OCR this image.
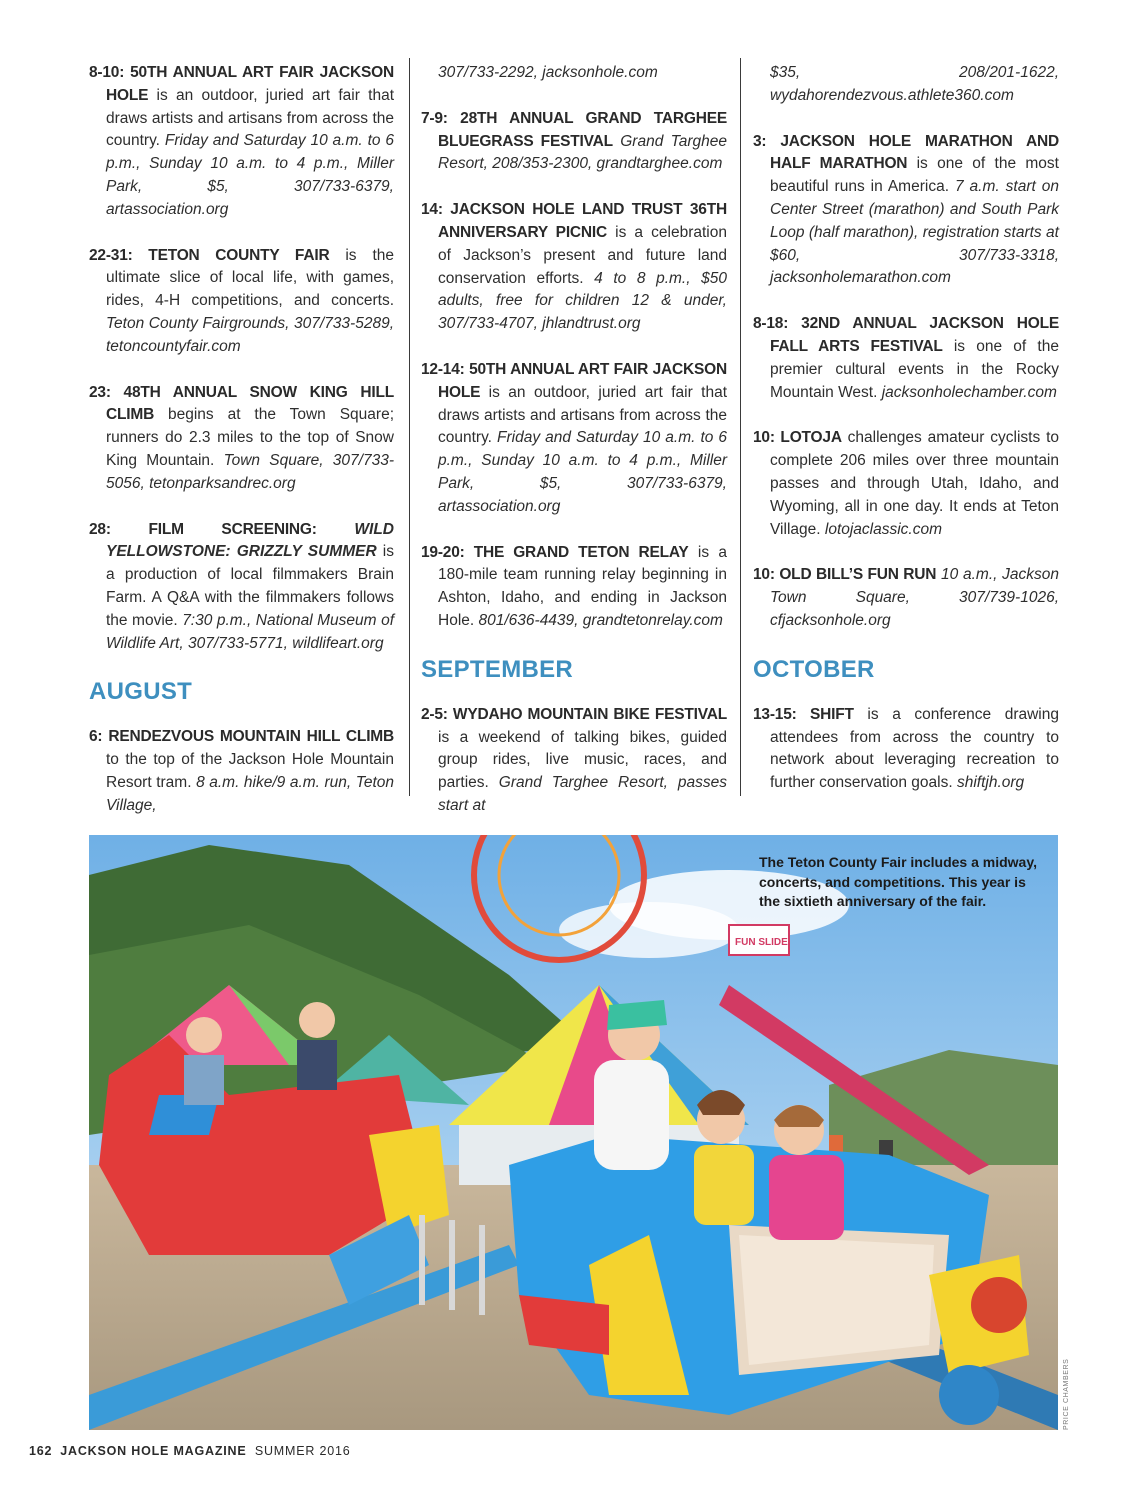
8-10: 50TH ANNUAL ART FAIR JACKSON HOLE is an outdoor, juried art fair that draws artists and artisans from across the country. Friday and Saturday 10 a.m. to 6 p.m., Sunday 10 a.m. to 4 p.m., Miller Park, $5, 307/733-6379, artassociation.org

22-31: TETON COUNTY FAIR is the ultimate slice of local life, with games, rides, 4-H competitions, and concerts. Teton County Fairgrounds, 307/733-5289, tetoncountyfair.com

23: 48TH ANNUAL SNOW KING HILL CLIMB begins at the Town Square; runners do 2.3 miles to the top of Snow King Mountain. Town Square, 307/733-5056, tetonparksandrec.org

28: FILM SCREENING: WILD YELLOWSTONE: GRIZZLY SUMMER is a production of local filmmakers Brain Farm. A Q&A with the filmmakers follows the movie. 7:30 p.m., National Museum of Wildlife Art, 307/733-5771, wildlifeart.org

AUGUST

6: RENDEZVOUS MOUNTAIN HILL CLIMB to the top of the Jackson Hole Mountain Resort tram. 8 a.m. hike/9 a.m. run, Teton Village,

307/733-2292, jacksonhole.com

7-9: 28TH ANNUAL GRAND TARGHEE BLUEGRASS FESTIVAL Grand Targhee Resort, 208/353-2300, grandtarghee.com

14: JACKSON HOLE LAND TRUST 36TH ANNIVERSARY PICNIC is a celebration of Jackson’s present and future land conservation efforts. 4 to 8 p.m., $50 adults, free for children 12 & under, 307/733-4707, jhlandtrust.org

12-14: 50TH ANNUAL ART FAIR JACKSON HOLE is an outdoor, juried art fair that draws artists and artisans from across the country. Friday and Saturday 10 a.m. to 6 p.m., Sunday 10 a.m. to 4 p.m., Miller Park, $5, 307/733-6379, artassociation.org

19-20: THE GRAND TETON RELAY is a 180-mile team running relay beginning in Ashton, Idaho, and ending in Jackson Hole. 801/636-4439, grandtetonrelay.com

SEPTEMBER

2-5: WYDAHO MOUNTAIN BIKE FESTIVAL is a weekend of talking bikes, guided group rides, live music, races, and parties. Grand Targhee Resort, passes start at

$35, 208/201-1622, wydahorendezvous.athlete360.com

3: JACKSON HOLE MARATHON AND HALF MARATHON is one of the most beautiful runs in America. 7 a.m. start on Center Street (marathon) and South Park Loop (half marathon), registration starts at $60, 307/733-3318, jacksonholemarathon.com

8-18: 32ND ANNUAL JACKSON HOLE FALL ARTS FESTIVAL is one of the premier cultural events in the Rocky Mountain West. jacksonholechamber.com

10: LOTOJA challenges amateur cyclists to complete 206 miles over three mountain passes and through Utah, Idaho, and Wyoming, all in one day. It ends at Teton Village. lotojaclassic.com

10: OLD BILL’S FUN RUN 10 a.m., Jackson Town Square, 307/739-1026, cfjacksonhole.org

OCTOBER

13-15: SHIFT is a conference drawing attendees from across the country to network about leveraging recreation to further conservation goals. shiftjh.org

FUN SLIDE
The Teton County Fair includes a midway, concerts, and competitions. This year is the sixtieth anniversary of the fair.
PRICE CHAMBERS
162 JACKSON HOLE MAGAZINE SUMMER 2016
